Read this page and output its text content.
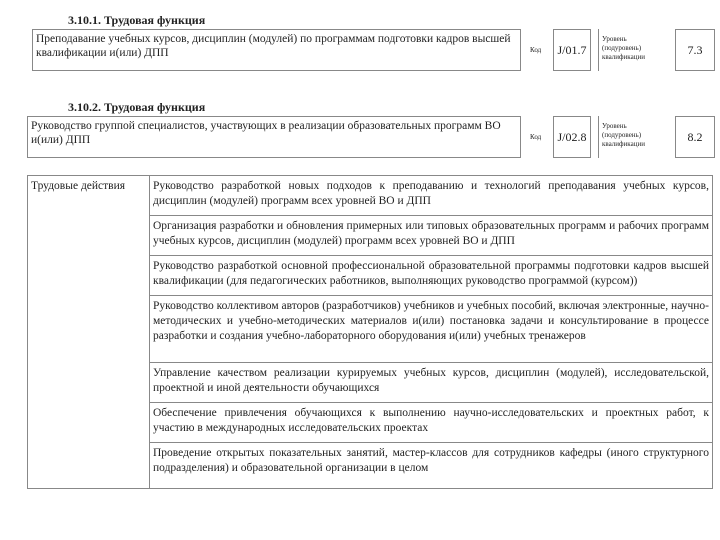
3.10.1. Трудовая функция
Преподавание учебных курсов, дисциплин (модулей) по программам подготовки кадров высшей квалификации и(или) ДПП	Код	J/01.7
Уровень (подуровень) квалификации	7.3
3.10.2. Трудовая функция
Руководство группой специалистов, участвующих в реализации образовательных программ ВО и(или) ДПП	Код	J/02.8
Уровень (подуровень) квалификации	8.2
Трудовые действия	Руководство разработкой новых подходов к преподаванию и технологий преподавания учебных курсов, дисциплин (модулей) программ всех уровней ВО и ДПП
Организация разработки и обновления примерных или типовых образовательных программ и рабочих программ учебных курсов, дисциплин (модулей) программ всех уровней ВО и ДПП
Руководство разработкой основной профессиональной образовательной программы подготовки кадров высшей квалификации (для педагогических работников, выполняющих руководство программой (курсом))
Руководство коллективом авторов (разработчиков) учебников и учебных пособий, включая электронные, научно-методических и учебно-методических материалов и(или) постановка задачи и консультирование в процессе разработки и создания учебно-лабораторного оборудования и(или) учебных тренажеров
Управление качеством реализации курируемых учебных курсов, дисциплин (модулей), исследовательской, проектной и иной деятельности обучающихся
Обеспечение привлечения обучающихся к выполнению научно-исследовательских и проектных работ, к участию в международных исследовательских проектах
Проведение открытых показательных занятий, мастер-классов для сотрудников кафедры (иного структурного подразделения) и образовательной организации в целом
